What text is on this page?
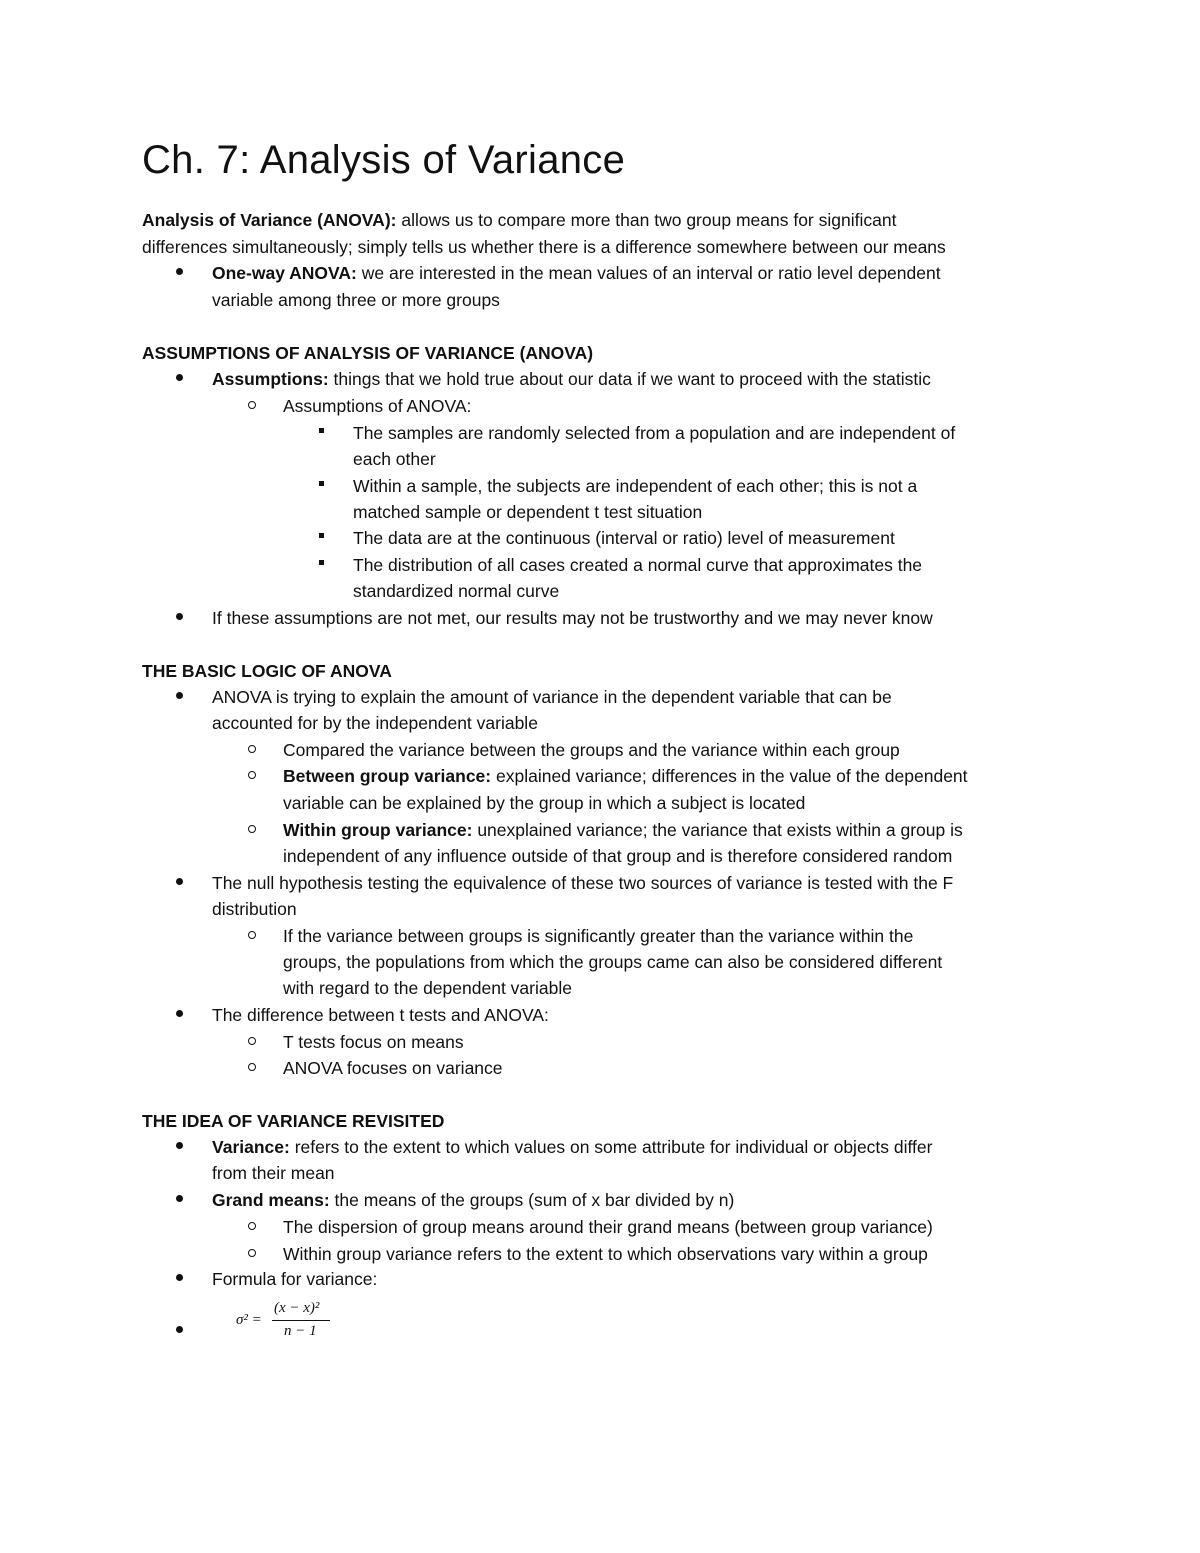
Ch. 7: Analysis of Variance
Analysis of Variance (ANOVA): allows us to compare more than two group means for significant
differences simultaneously; simply tells us whether there is a difference somewhere between our means
One-way ANOVA: we are interested in the mean values of an interval or ratio level dependent
variable among three or more groups
ASSUMPTIONS OF ANALYSIS OF VARIANCE (ANOVA)
Assumptions: things that we hold true about our data if we want to proceed with the statistic
Assumptions of ANOVA:
The samples are randomly selected from a population and are independent of
each other
Within a sample, the subjects are independent of each other; this is not a
matched sample or dependent t test situation
The data are at the continuous (interval or ratio) level of measurement
The distribution of all cases created a normal curve that approximates the
standardized normal curve
If these assumptions are not met, our results may not be trustworthy and we may never know
THE BASIC LOGIC OF ANOVA
ANOVA is trying to explain the amount of variance in the dependent variable that can be
accounted for by the independent variable
Compared the variance between the groups and the variance within each group
Between group variance: explained variance; differences in the value of the dependent
variable can be explained by the group in which a subject is located
Within group variance: unexplained variance; the variance that exists within a group is
independent of any influence outside of that group and is therefore considered random
The null hypothesis testing the equivalence of these two sources of variance is tested with the F
distribution
If the variance between groups is significantly greater than the variance within the
groups, the populations from which the groups came can also be considered different
with regard to the dependent variable
The difference between t tests and ANOVA:
T tests focus on means
ANOVA focuses on variance
THE IDEA OF VARIANCE REVISITED
Variance: refers to the extent to which values on some attribute for individual or objects differ
from their mean
Grand means: the means of the groups (sum of x bar divided by n)
The dispersion of group means around their grand means (between group variance)
Within group variance refers to the extent to which observations vary within a group
Formula for variance:
σ² =
(x − x)²
n − 1
